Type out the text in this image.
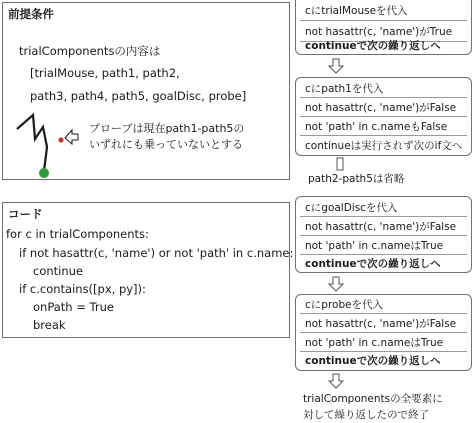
前提条件
trialComponentsの内容は
[trialMouse, path1, path2,
path3, path4, path5, goalDisc, probe]
プローブは現在path1-path5の
いずれにも乗っていないとする
コード
for c in trialComponents:
if not hasattr(c, 'name') or not 'path' in c.name:
continue
if c.contains([px, py]):
onPath = True
break
cにtrialMouseを代入
not hasattr(c, 'name')がTrue
continueで次の繰り返しへ
cにpath1を代入
not hasattr(c, 'name')がFalse
not 'path' in c.nameもFalse
continueは実行されず次のif文へ
path2-path5は省略
cにgoalDiscを代入
not hasattr(c, 'name')がFalse
not 'path' in c.nameはTrue
continueで次の繰り返しへ
cにprobeを代入
not hasattr(c, 'name')がFalse
not 'path' in c.nameはTrue
continueで次の繰り返しへ
trialComponentsの全要素に
対して繰り返したので終了
